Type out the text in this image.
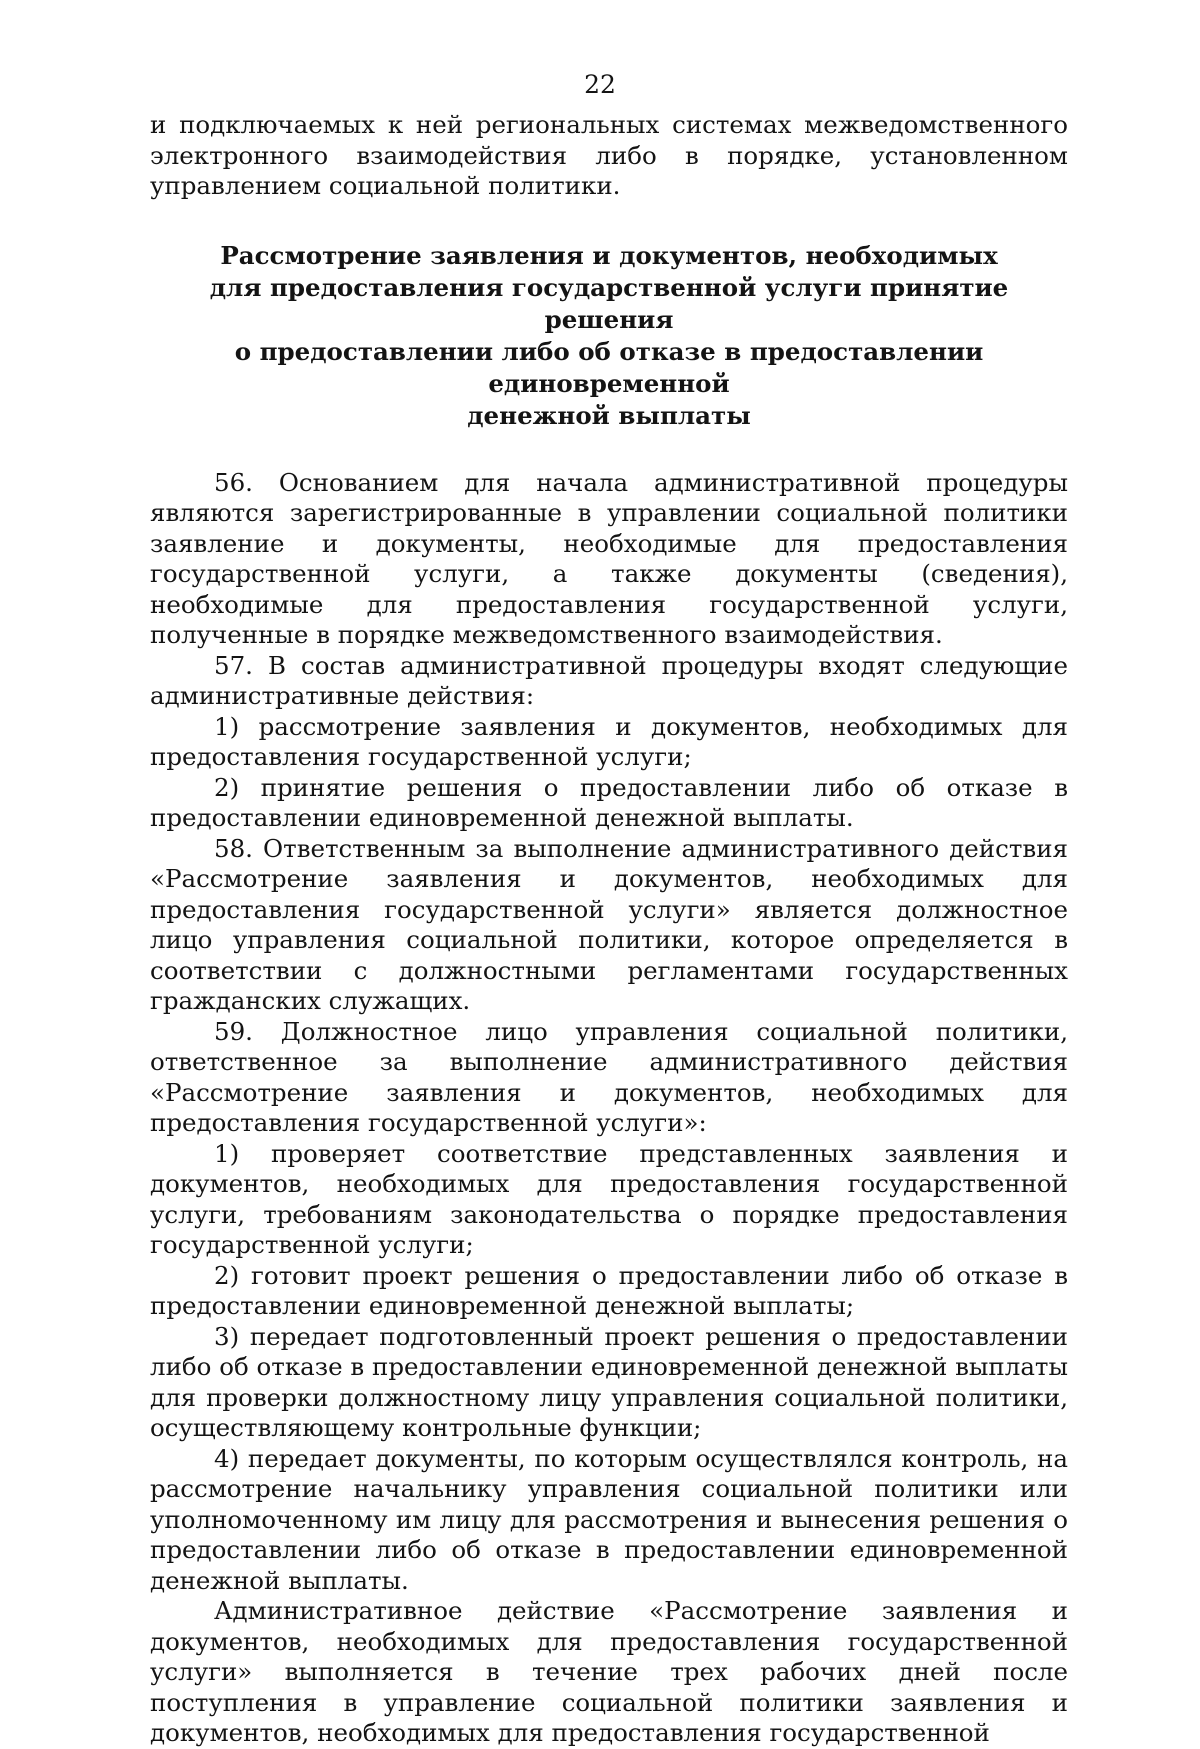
22

и подключаемых к ней региональных системах межведомственного электронного взаимодействия либо в порядке, установленном управлением социальной политики.

Рассмотрение заявления и документов, необходимых
для предоставления государственной услуги принятие решения
о предоставлении либо об отказе в предоставлении единовременной
денежной выплаты

56. Основанием для начала административной процедуры являются зарегистрированные в управлении социальной политики заявление и документы, необходимые для предоставления государственной услуги, а также документы (сведения), необходимые для предоставления государственной услуги, полученные в порядке межведомственного взаимодействия.

57. В состав административной процедуры входят следующие административные действия:

1) рассмотрение заявления и документов, необходимых для предоставления государственной услуги;

2) принятие решения о предоставлении либо об отказе в предоставлении единовременной денежной выплаты.

58. Ответственным за выполнение административного действия «Рассмотрение заявления и документов, необходимых для предоставления государственной услуги» является должностное лицо управления социальной политики, которое определяется в соответствии с должностными регламентами государственных гражданских служащих.

59. Должностное лицо управления социальной политики, ответственное за выполнение административного действия «Рассмотрение заявления и документов, необходимых для предоставления государственной услуги»:

1) проверяет соответствие представленных заявления и документов, необходимых для предоставления государственной услуги, требованиям законодательства о порядке предоставления государственной услуги;

2) готовит проект решения о предоставлении либо об отказе в предоставлении единовременной денежной выплаты;

3) передает подготовленный проект решения о предоставлении либо об отказе в предоставлении единовременной денежной выплаты для проверки должностному лицу управления социальной политики, осуществляющему контрольные функции;

4) передает документы, по которым осуществлялся контроль, на рассмотрение начальнику управления социальной политики или уполномоченному им лицу для рассмотрения и вынесения решения о предоставлении либо об отказе в предоставлении единовременной денежной выплаты.

Административное действие «Рассмотрение заявления и документов, необходимых для предоставления государственной услуги» выполняется в течение трех рабочих дней после поступления в управление социальной политики заявления и документов, необходимых для предоставления государственной
